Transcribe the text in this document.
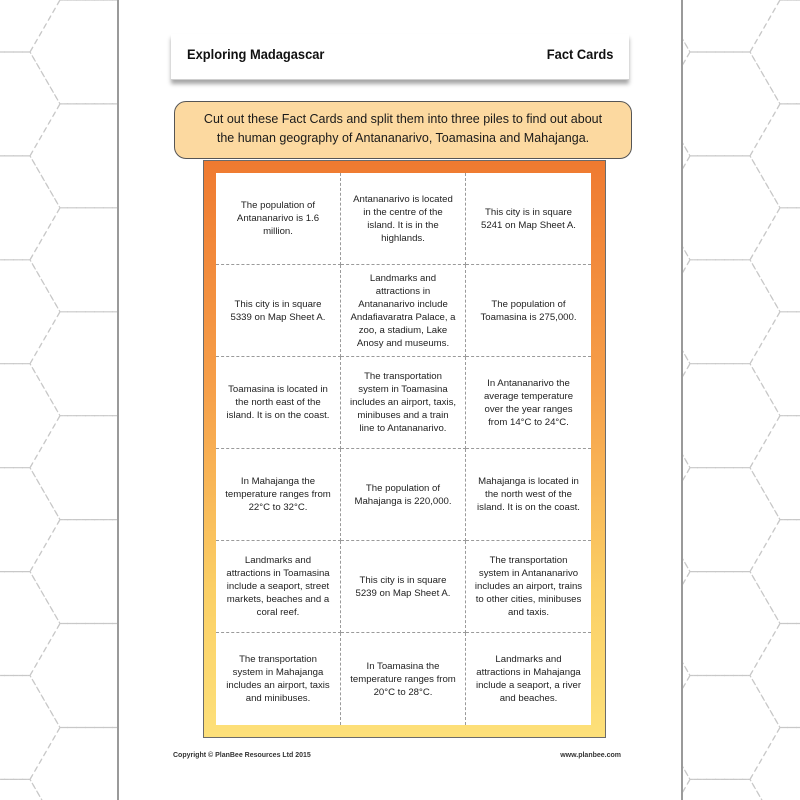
Exploring Madagascar	Fact Cards
Cut out these Fact Cards and split them into three piles to find out about
the human geography of Antananarivo, Toamasina and Mahajanga.
The population of Antananarivo is 1.6 million.
Antananarivo is located in the centre of the island. It is in the highlands.
This city is in square 5241 on Map Sheet A.
This city is in square 5339 on Map Sheet A.
Landmarks and attractions in Antananarivo include Andafiavaratra Palace, a zoo, a stadium, Lake Anosy and museums.
The population of Toamasina is 275,000.
Toamasina is located in the north east of the island. It is on the coast.
The transportation system in Toamasina includes an airport, taxis, minibuses and a train line to Antananarivo.
In Antananarivo the average temperature over the year ranges from 14°C to 24°C.
In Mahajanga the temperature ranges from 22°C to 32°C.
The population of Mahajanga is 220,000.
Mahajanga is located in the north west of the island. It is on the coast.
Landmarks and attractions in Toamasina include a seaport, street markets, beaches and a coral reef.
This city is in square 5239 on Map Sheet A.
The transportation system in Antananarivo includes an airport, trains to other cities, minibuses and taxis.
The transportation system in Mahajanga includes an airport, taxis and minibuses.
In Toamasina the temperature ranges from 20°C to 28°C.
Landmarks and attractions in Mahajanga include a seaport, a river and beaches.
Copyright © PlanBee Resources Ltd 2015	www.planbee.com
